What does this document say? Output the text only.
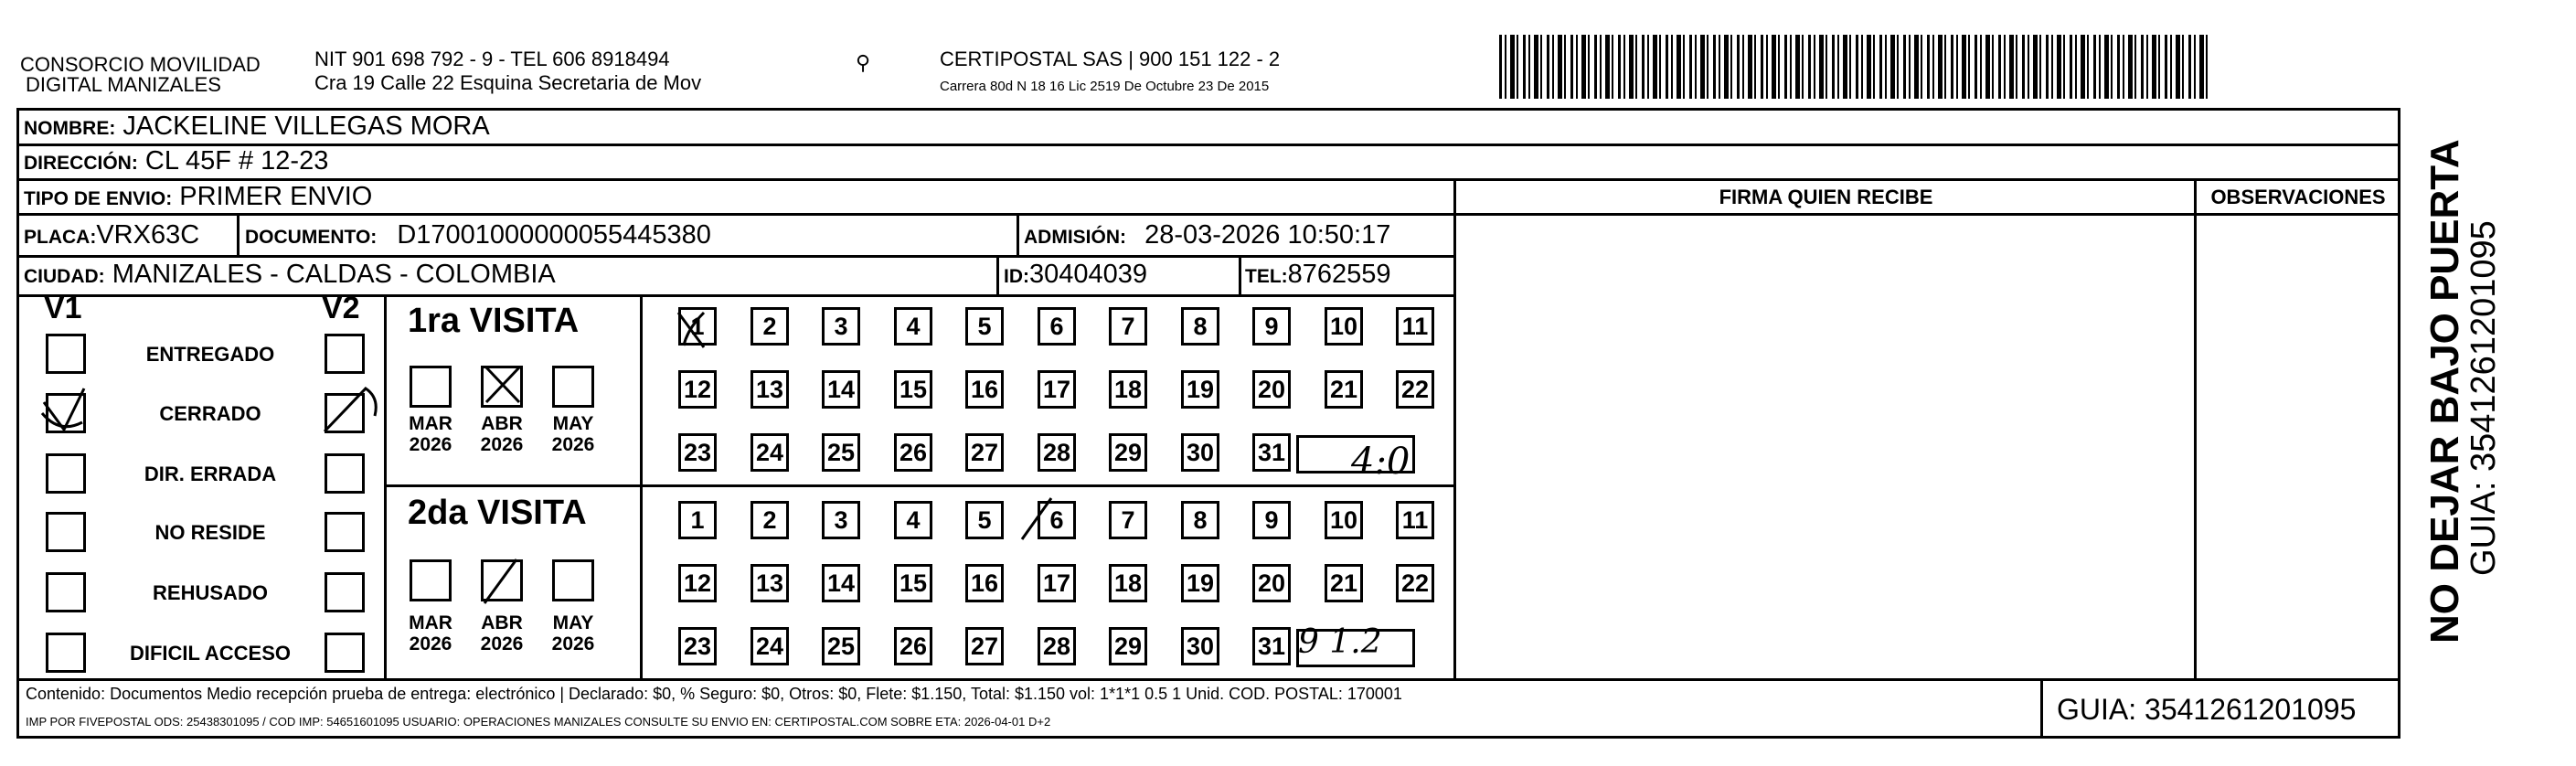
CONSORCIO MOVILIDAD
DIGITAL MANIZALES
NIT 901 698 792 - 9 - TEL 606 8918494
Cra 19 Calle 22 Esquina Secretaria de Mov
⚲	CERTIPOSTAL SAS | 900 151 122 - 2
Carrera 80d N 18 16 Lic 2519 De Octubre 23 De 2015
NOMBRE: JACKELINE VILLEGAS MORA
DIRECCIÓN: CL 45F # 12-23
TIPO DE ENVIO: PRIMER ENVIO
PLACA:VRX63C DOCUMENTO: D17001000000055445380	ADMISIÓN: 28-03-2026 10:50:17
CIUDAD: MANIZALES - CALDAS - COLOMBIA	ID:30404039	TEL:8762559
FIRMA QUIEN RECIBE	OBSERVACIONES
V1	V2
ENTREGADO
CERRADO
DIR. ERRADA
NO RESIDE
REHUSADO
DIFICIL ACCESO
1ra VISITA
2da VISITA
MAR
2026
ABR
2026
MAY
2026
MAR
2026
ABR
2026
MAY
2026
1	2	3	4	5	6	7	8	9	10 11
12 13 14 15 16 17 18 19 20 21 22
23 24 25 26 27 28 29 30 31
1	2	3	4	5	6	7	8	9	10 11
12 13 14 15 16 17 18 19 20 21 22
23 24 25 26 27 28 29 30 31
4:0
9 1.2
Contenido: Documentos Medio recepción prueba de entrega: electrónico | Declarado: $0, % Seguro: $0, Otros: $0, Flete: $1.150, Total: $1.150 vol: 1*1*1 0.5 1 Unid. COD. POSTAL: 170001
IMP POR FIVEPOSTAL ODS: 25438301095 / COD IMP: 54651601095 USUARIO: OPERACIONES MANIZALES CONSULTE SU ENVIO EN: CERTIPOSTAL.COM SOBRE ETA: 2026-04-01 D+2	GUIA: 3541261201095
NO DEJAR BAJO PUERTA
GUIA: 3541261201095
